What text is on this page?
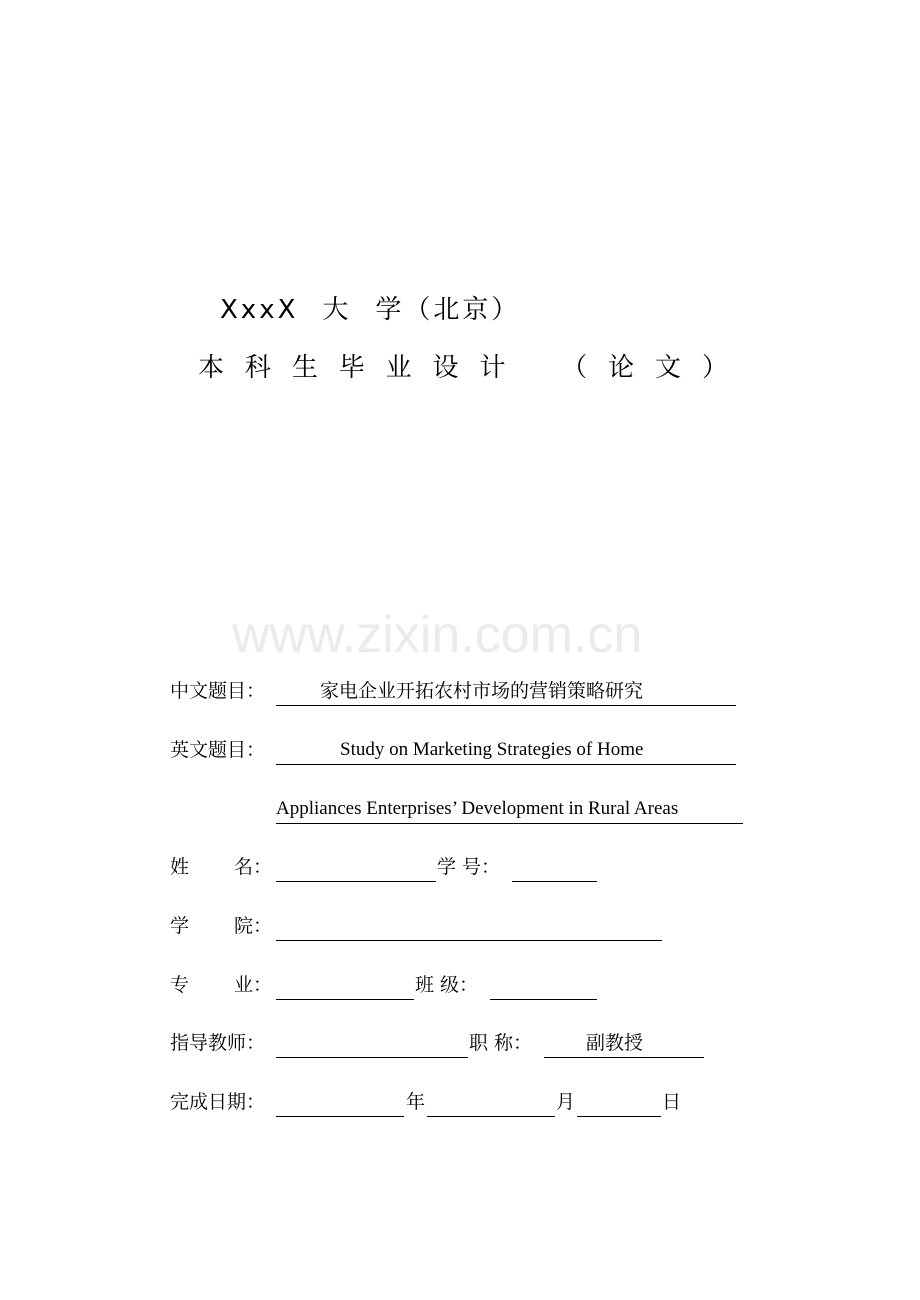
XxxX 大 学（北京）
本 科 生 毕 业 设 计 （ 论 文 ）
www.zixin.com.cn
中文题目：	家电企业开拓农村市场的营销策略研究
英文题目：	Study on Marketing Strategies of Home
Appliances Enterprises’ Development in Rural Areas
姓 名：	学 号：
学 院：
专 业：	班 级：
指导教师：	职 称：	副教授
完成日期：	年	月	日
